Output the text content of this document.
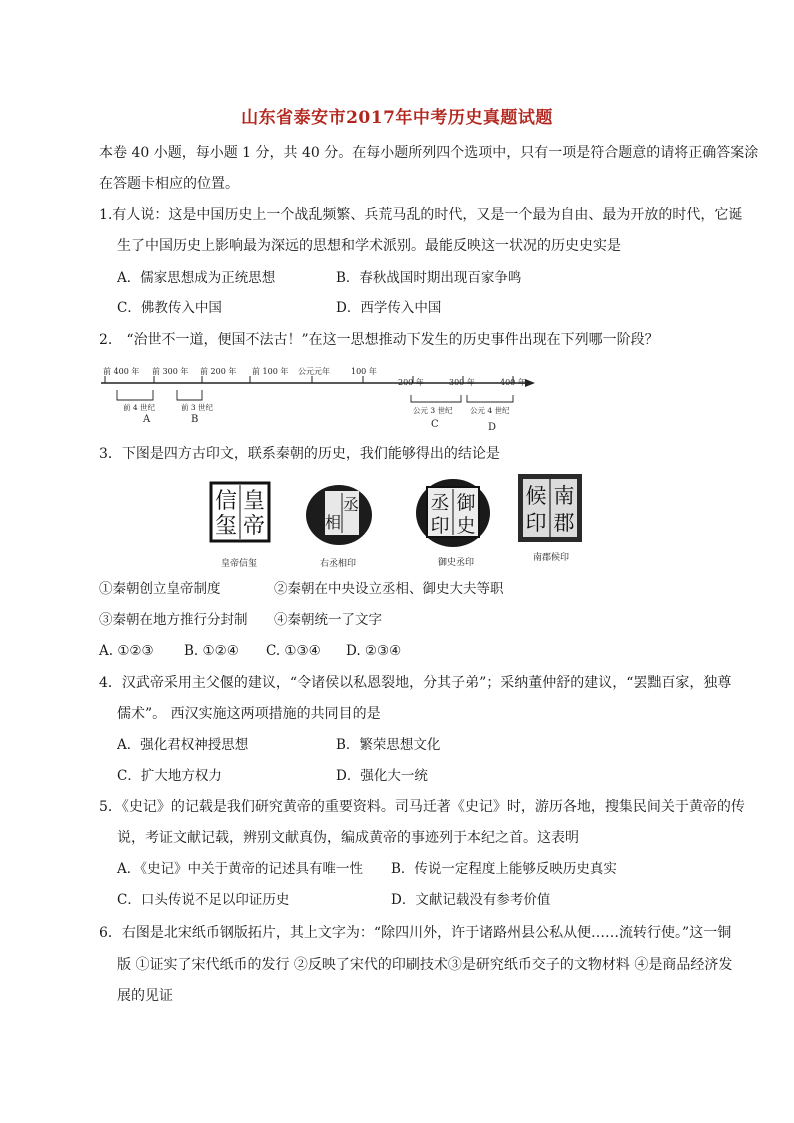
山东省泰安市2017年中考历史真题试题
本卷 40 小题，每小题 1 分，共 40 分。在每小题所列四个选项中，只有一项是符合题意的请将正确答案涂
在答题卡相应的位置。
1.有人说：这是中国历史上一个战乱频繁、兵荒马乱的时代，又是一个最为自由、最为开放的时代，它诞
生了中国历史上影响最为深远的思想和学术派别。最能反映这一状况的历史史实是
A．儒家思想成为正统思想	B．春秋战国时期出现百家争鸣
C．佛教传入中国	D．西学传入中国
2.　“治世不一道，便国不法古！”在这一思想推动下发生的历史事件出现在下列哪一阶段？
前 400 年 前 300 年 前 200 年 前 100 年 公元元年	100 年
200 年	300 年	400 年
前 4 世纪	前 3 世纪	公元 3 世纪 公元 4 世纪
A	B	C	D
3．下图是四方古印文，联系秦朝的历史，我们能够得出的结论是
皇
帝
信
玺
皇帝信玺
丞
相
右丞相印
御
史
丞
印
御史丞印
南
郡
候
印
南郡候印
①秦朝创立皇帝制度	②秦朝在中央设立丞相、御史大夫等职
③秦朝在地方推行分封制 ④秦朝统一了文字
A. ①②③ B. ①②④ C. ①③④ D. ②③④
4．汉武帝采用主父偃的建议，“令诸侯以私恩裂地，分其子弟”；采纳董仲舒的建议，“罢黜百家，独尊
儒术”。 西汉实施这两项措施的共同目的是
A．强化君权神授思想	B．繁荣思想文化
C．扩大地方权力	D．强化大一统
5．《史记》的记载是我们研究黄帝的重要资料。司马迁著《史记》时，游历各地，搜集民间关于黄帝的传
说，考证文献记载，辨别文献真伪，编成黄帝的事迹列于本纪之首。这表明
A．《史记》中关于黄帝的记述具有唯一性 B．传说一定程度上能够反映历史真实
C．口头传说不足以印证历史	D．文献记载没有参考价值
6．右图是北宋纸币钢版拓片，其上文字为：“除四川外，许于诸路州县公私从便……流转行使。”这一铜
版 ①证实了宋代纸币的发行 ②反映了宋代的印刷技术③是研究纸币交子的文物材料 ④是商品经济发
展的见证
